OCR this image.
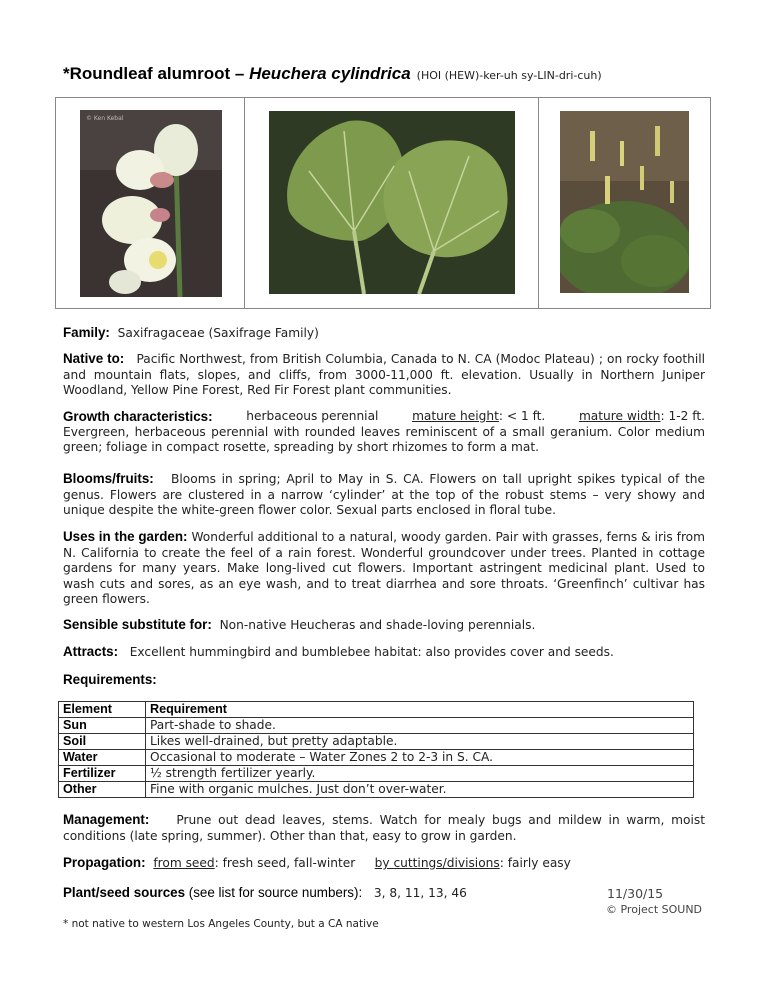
*Roundleaf alumroot – Heuchera cylindrica (HOI (HEW)-ker-uh sy-LIN-dri-cuh)
© Ken Kebal
Family: Saxifragaceae (Saxifrage Family)
Native to: Pacific Northwest, from British Columbia, Canada to N. CA (Modoc Plateau) ; on rocky foothill and mountain flats, slopes, and cliffs, from 3000-11,000 ft. elevation. Usually in Northern Juniper Woodland, Yellow Pine Forest, Red Fir Forest plant communities.
Growth characteristics:	herbaceous perennial	mature height: < 1 ft.	mature width: 1-2 ft.
Evergreen, herbaceous perennial with rounded leaves reminiscent of a small geranium. Color medium green; foliage in compact rosette, spreading by short rhizomes to form a mat.
Blooms/fruits: Blooms in spring; April to May in S. CA. Flowers on tall upright spikes typical of the genus. Flowers are clustered in a narrow ‘cylinder’ at the top of the robust stems – very showy and unique despite the white-green flower color. Sexual parts enclosed in floral tube.
Uses in the garden: Wonderful additional to a natural, woody garden. Pair with grasses, ferns & iris from N. California to create the feel of a rain forest. Wonderful groundcover under trees. Planted in cottage gardens for many years. Make long-lived cut flowers. Important astringent medicinal plant. Used to wash cuts and sores, as an eye wash, and to treat diarrhea and sore throats. ‘Greenfinch’ cultivar has green flowers.
Sensible substitute for: Non-native Heucheras and shade-loving perennials.
Attracts: Excellent hummingbird and bumblebee habitat: also provides cover and seeds.
Requirements:
Element	Requirement
Sun	Part-shade to shade.
Soil	Likes well-drained, but pretty adaptable.
Water	Occasional to moderate – Water Zones 2 to 2-3 in S. CA.
Fertilizer	½ strength fertilizer yearly.
Other	Fine with organic mulches. Just don’t over-water.
Management: Prune out dead leaves, stems. Watch for mealy bugs and mildew in warm, moist conditions (late spring, summer). Other than that, easy to grow in garden.
Propagation: from seed: fresh seed, fall-winter by cuttings/divisions: fairly easy
Plant/seed sources (see list for source numbers): 3, 8, 11, 13, 46	11/30/15
© Project SOUND
* not native to western Los Angeles County, but a CA native
